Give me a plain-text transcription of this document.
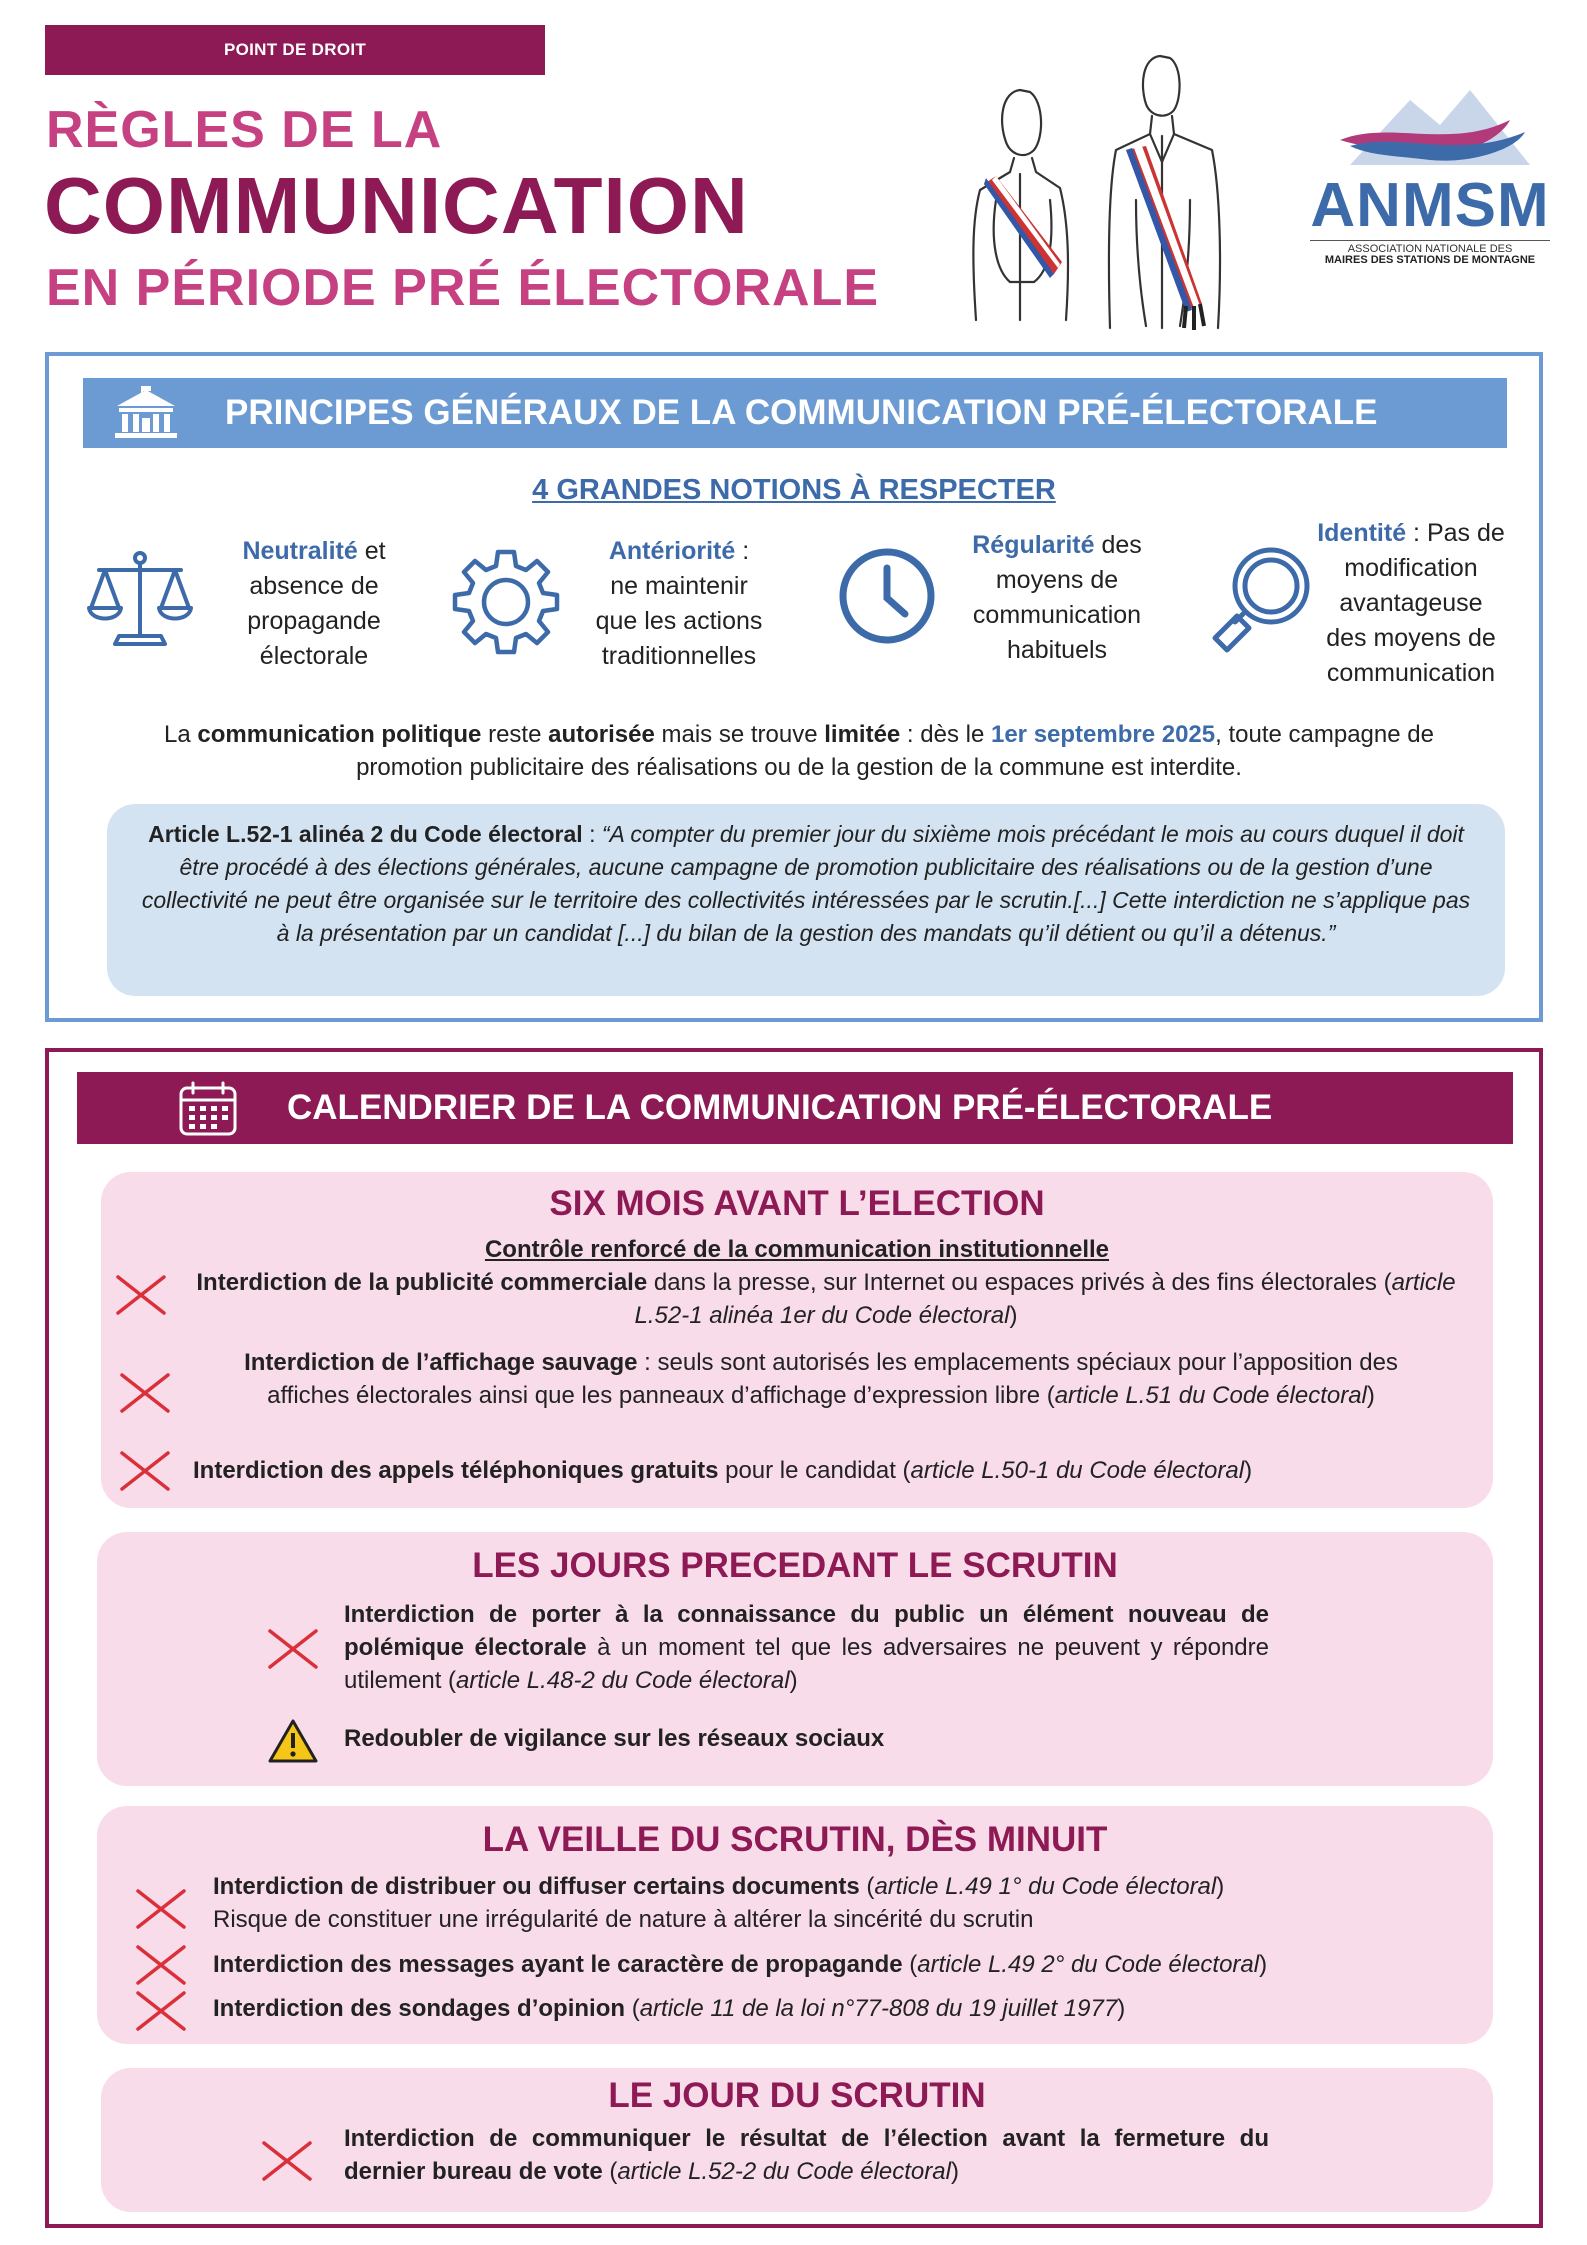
POINT DE DROIT
RÈGLES DE LA
COMMUNICATION
EN PÉRIODE PRÉ ÉLECTORALE
ANMSM
ASSOCIATION NATIONALE DES
MAIRES DES STATIONS DE MONTAGNE
PRINCIPES GÉNÉRAUX DE LA COMMUNICATION PRÉ-ÉLECTORALE
4 GRANDES NOTIONS À RESPECTER
Neutralité et
absence de
propagande
électorale
Antériorité :
ne maintenir
que les actions
traditionnelles
Régularité des
moyens de
communication
habituels
Identité : Pas de
modification
avantageuse
des moyens de
communication
La communication politique reste autorisée mais se trouve limitée : dès le 1er septembre 2025, toute campagne de promotion publicitaire des réalisations ou de la gestion de la commune est interdite.
Article L.52-1 alinéa 2 du Code électoral : “A compter du premier jour du sixième mois précédant le mois au cours duquel il doit être procédé à des élections générales, aucune campagne de promotion publicitaire des réalisations ou de la gestion d’une collectivité ne peut être organisée sur le territoire des collectivités intéressées par le scrutin.[...] Cette interdiction ne s’applique pas à la présentation par un candidat [...] du bilan de la gestion des mandats qu’il détient ou qu’il a détenus.”
CALENDRIER DE LA COMMUNICATION PRÉ-ÉLECTORALE
SIX MOIS AVANT L’ELECTION
Contrôle renforcé de la communication institutionnelle
Interdiction de la publicité commerciale dans la presse, sur Internet ou espaces privés à des fins électorales (article L.52-1 alinéa 1er du Code électoral)
Interdiction de l’affichage sauvage : seuls sont autorisés les emplacements spéciaux pour l’apposition des affiches électorales ainsi que les panneaux d’affichage d’expression libre (article L.51 du Code électoral)
Interdiction des appels téléphoniques gratuits pour le candidat (article L.50-1 du Code électoral)
LES JOURS PRECEDANT LE SCRUTIN
Interdiction de porter à la connaissance du public un élément nouveau de polémique électorale à un moment tel que les adversaires ne peuvent y répondre utilement (article L.48-2 du Code électoral)
Redoubler de vigilance sur les réseaux sociaux
LA VEILLE DU SCRUTIN, DÈS MINUIT
Interdiction de distribuer ou diffuser certains documents (article L.49 1° du Code électoral)
Risque de constituer une irrégularité de nature à altérer la sincérité du scrutin
Interdiction des messages ayant le caractère de propagande (article L.49 2° du Code électoral)
Interdiction des sondages d’opinion (article 11 de la loi n°77-808 du 19 juillet 1977)
LE JOUR DU SCRUTIN
Interdiction de communiquer le résultat de l’élection avant la fermeture du dernier bureau de vote (article L.52-2 du Code électoral)
